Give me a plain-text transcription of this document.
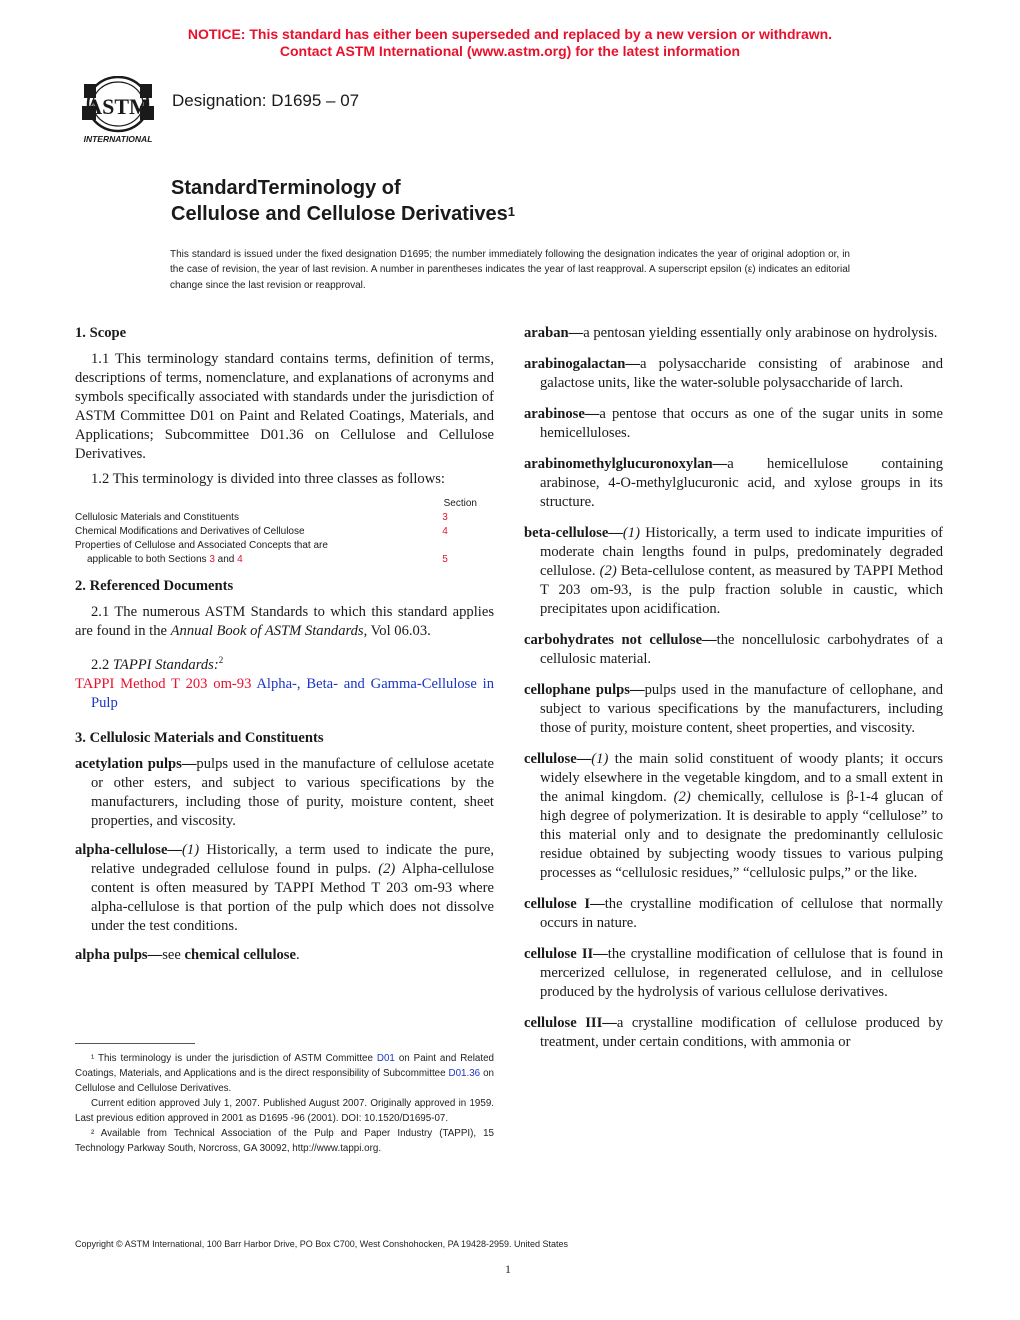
NOTICE: This standard has either been superseded and replaced by a new version or withdrawn.
Contact ASTM International (www.astm.org) for the latest information
ASTM
INTERNATIONAL
Designation: D1695 – 07
StandardTerminology of
Cellulose and Cellulose Derivatives$^1$
This standard is issued under the fixed designation D1695; the number immediately following the designation indicates the year of original adoption or, in the case of revision, the year of last revision. A number in parentheses indicates the year of last reapproval. A superscript epsilon (ε) indicates an editorial change since the last revision or reapproval.
1. Scope

1.1 This terminology standard contains terms, definition of terms, descriptions of terms, nomenclature, and explanations of acronyms and symbols specifically associated with standards under the jurisdiction of ASTM Committee D01 on Paint and Related Coatings, Materials, and Applications; Subcommittee D01.36 on Cellulose and Cellulose Derivatives.

1.2 This terminology is divided into three classes as follows:

Section
Cellulosic Materials and Constituents	3
Chemical Modifications and Derivatives of Cellulose	4
Properties of Cellulose and Associated Concepts that are
applicable to both Sections 3 and 4	5
2. Referenced Documents

2.1 The numerous ASTM Standards to which this standard applies are found in the Annual Book of ASTM Standards, Vol 06.03.

2.2 TAPPI Standards:$^2$

TAPPI Method T 203 om-93 Alpha-, Beta- and Gamma-Cellulose in Pulp

3. Cellulosic Materials and Constituents

acetylation pulps—pulps used in the manufacture of cellulose acetate or other esters, and subject to various specifications by the manufacturers, including those of purity, moisture content, sheet properties, and viscosity.

alpha-cellulose—(1) Historically, a term used to indicate the pure, relative undegraded cellulose found in pulps. (2) Alpha-cellulose content is often measured by TAPPI Method T 203 om-93 where alpha-cellulose is that portion of the pulp which does not dissolve under the test conditions.

alpha pulps—see chemical cellulose.

¹ This terminology is under the jurisdiction of ASTM Committee D01 on Paint and Related Coatings, Materials, and Applications and is the direct responsibility of Subcommittee D01.36 on Cellulose and Cellulose Derivatives.
Current edition approved July 1, 2007. Published August 2007. Originally approved in 1959. Last previous edition approved in 2001 as D1695 -96 (2001). DOI: 10.1520/D1695-07.
² Available from Technical Association of the Pulp and Paper Industry (TAPPI), 15 Technology Parkway South, Norcross, GA 30092, http://www.tappi.org.

araban—a pentosan yielding essentially only arabinose on hydrolysis.

arabinogalactan—a polysaccharide consisting of arabinose and galactose units, like the water-soluble polysaccharide of larch.

arabinose—a pentose that occurs as one of the sugar units in some hemicelluloses.

arabinomethylglucuronoxylan—a hemicellulose containing arabinose, 4-O-methylglucuronic acid, and xylose groups in its structure.

beta-cellulose—(1) Historically, a term used to indicate impurities of moderate chain lengths found in pulps, predominately degraded cellulose. (2) Beta-cellulose content, as measured by TAPPI Method T 203 om-93, is the pulp fraction soluble in caustic, which precipitates upon acidification.

carbohydrates not cellulose—the noncellulosic carbohydrates of a cellulosic material.

cellophane pulps—pulps used in the manufacture of cellophane, and subject to various specifications by the manufacturers, including those of purity, moisture content, sheet properties, and viscosity.

cellulose—(1) the main solid constituent of woody plants; it occurs widely elsewhere in the vegetable kingdom, and to a small extent in the animal kingdom. (2) chemically, cellulose is β-1-4 glucan of high degree of polymerization. It is desirable to apply “cellulose” to this material only and to designate the predominantly cellulosic residue obtained by subjecting woody tissues to various pulping processes as “cellulosic residues,” “cellulosic pulps,” or the like.

cellulose I—the crystalline modification of cellulose that normally occurs in nature.

cellulose II—the crystalline modification of cellulose that is found in mercerized cellulose, in regenerated cellulose, and in cellulose produced by the hydrolysis of various cellulose derivatives.

cellulose III—a crystalline modification of cellulose produced by treatment, under certain conditions, with ammonia or

Copyright © ASTM International, 100 Barr Harbor Drive, PO Box C700, West Conshohocken, PA 19428-2959. United States
1
